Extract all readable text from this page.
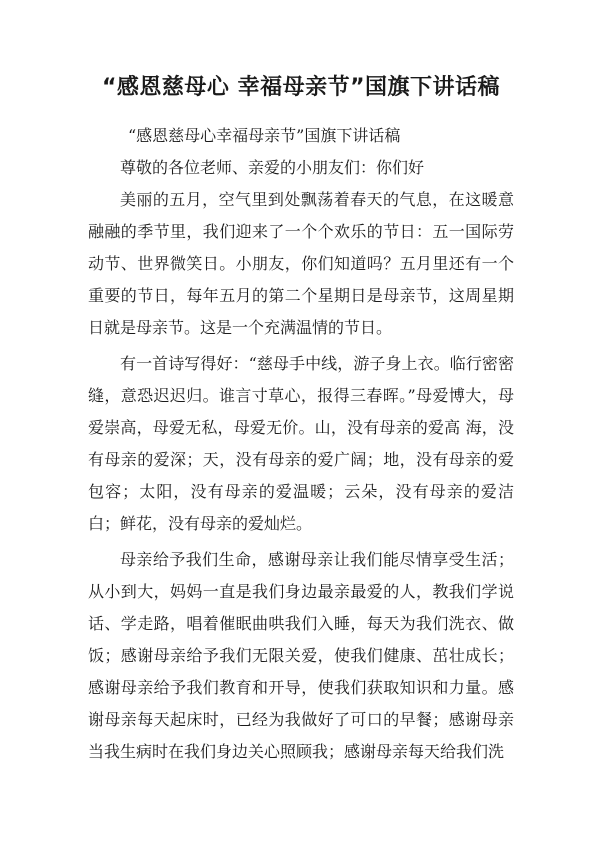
“感恩慈母心 幸福母亲节”国旗下讲话稿

“感恩慈母心幸福母亲节”国旗下讲话稿

尊敬的各位老师、亲爱的小朋友们：你们好

美丽的五月，空气里到处飘荡着春天的气息，在这暖意融融的季节里，我们迎来了一个个欢乐的节日：五一国际劳动节、世界微笑日。小朋友，你们知道吗？五月里还有一个重要的节日，每年五月的第二个星期日是母亲节，这周星期日就是母亲节。这是一个充满温情的节日。

有一首诗写得好：“慈母手中线，游子身上衣。临行密密缝，意恐迟迟归。谁言寸草心，报得三春晖。”母爱博大，母爱崇高，母爱无私，母爱无价。山，没有母亲的爱高 海，没有母亲的爱深；天，没有母亲的爱广阔；地，没有母亲的爱包容；太阳，没有母亲的爱温暖；云朵，没有母亲的爱洁白；鲜花，没有母亲的爱灿烂。

母亲给予我们生命，感谢母亲让我们能尽情享受生活；从小到大，妈妈一直是我们身边最亲最爱的人，教我们学说话、学走路，唱着催眠曲哄我们入睡，每天为我们洗衣、做饭；感谢母亲给予我们无限关爱，使我们健康、茁壮成长；感谢母亲给予我们教育和开导，使我们获取知识和力量。感谢母亲每天起床时，已经为我做好了可口的早餐；感谢母亲当我生病时在我们身边关心照顾我；感谢母亲每天给我们洗
